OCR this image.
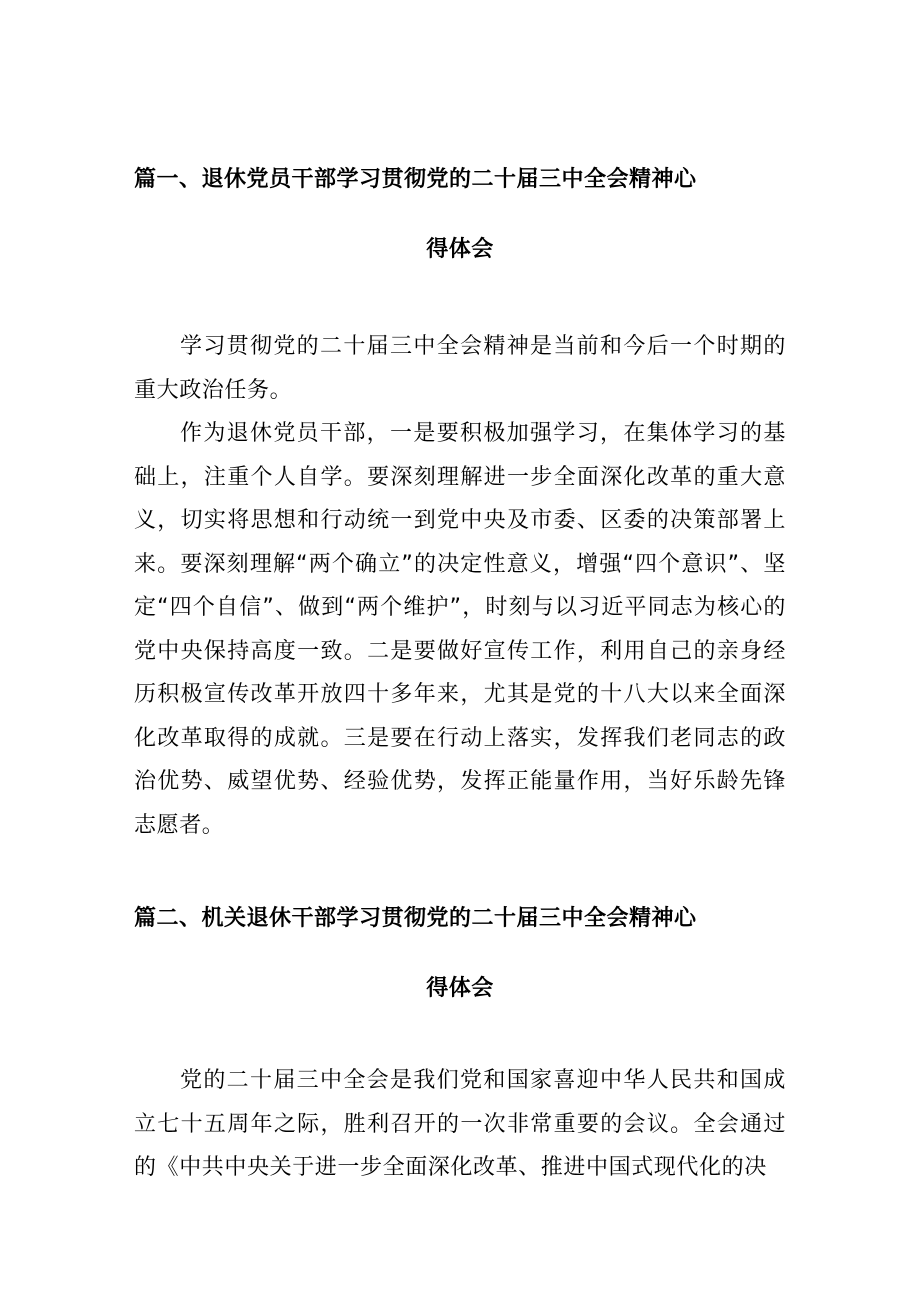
篇一、退休党员干部学习贯彻党的二十届三中全会精神心
得体会

学习贯彻党的二十届三中全会精神是当前和今后一个时期的重大政治任务。

作为退休党员干部，一是要积极加强学习，在集体学习的基础上，注重个人自学。要深刻理解进一步全面深化改革的重大意义，切实将思想和行动统一到党中央及市委、区委的决策部署上来。要深刻理解“两个确立”的决定性意义，增强“四个意识”、坚定“四个自信”、做到“两个维护”，时刻与以习近平同志为核心的党中央保持高度一致。二是要做好宣传工作，利用自己的亲身经历积极宣传改革开放四十多年来，尤其是党的十八大以来全面深化改革取得的成就。三是要在行动上落实，发挥我们老同志的政治优势、威望优势、经验优势，发挥正能量作用，当好乐龄先锋志愿者。

篇二、机关退休干部学习贯彻党的二十届三中全会精神心
得体会

党的二十届三中全会是我们党和国家喜迎中华人民共和国成立七十五周年之际，胜利召开的一次非常重要的会议。全会通过的《中共中央关于进一步全面深化改革、推进中国式现代化的决
